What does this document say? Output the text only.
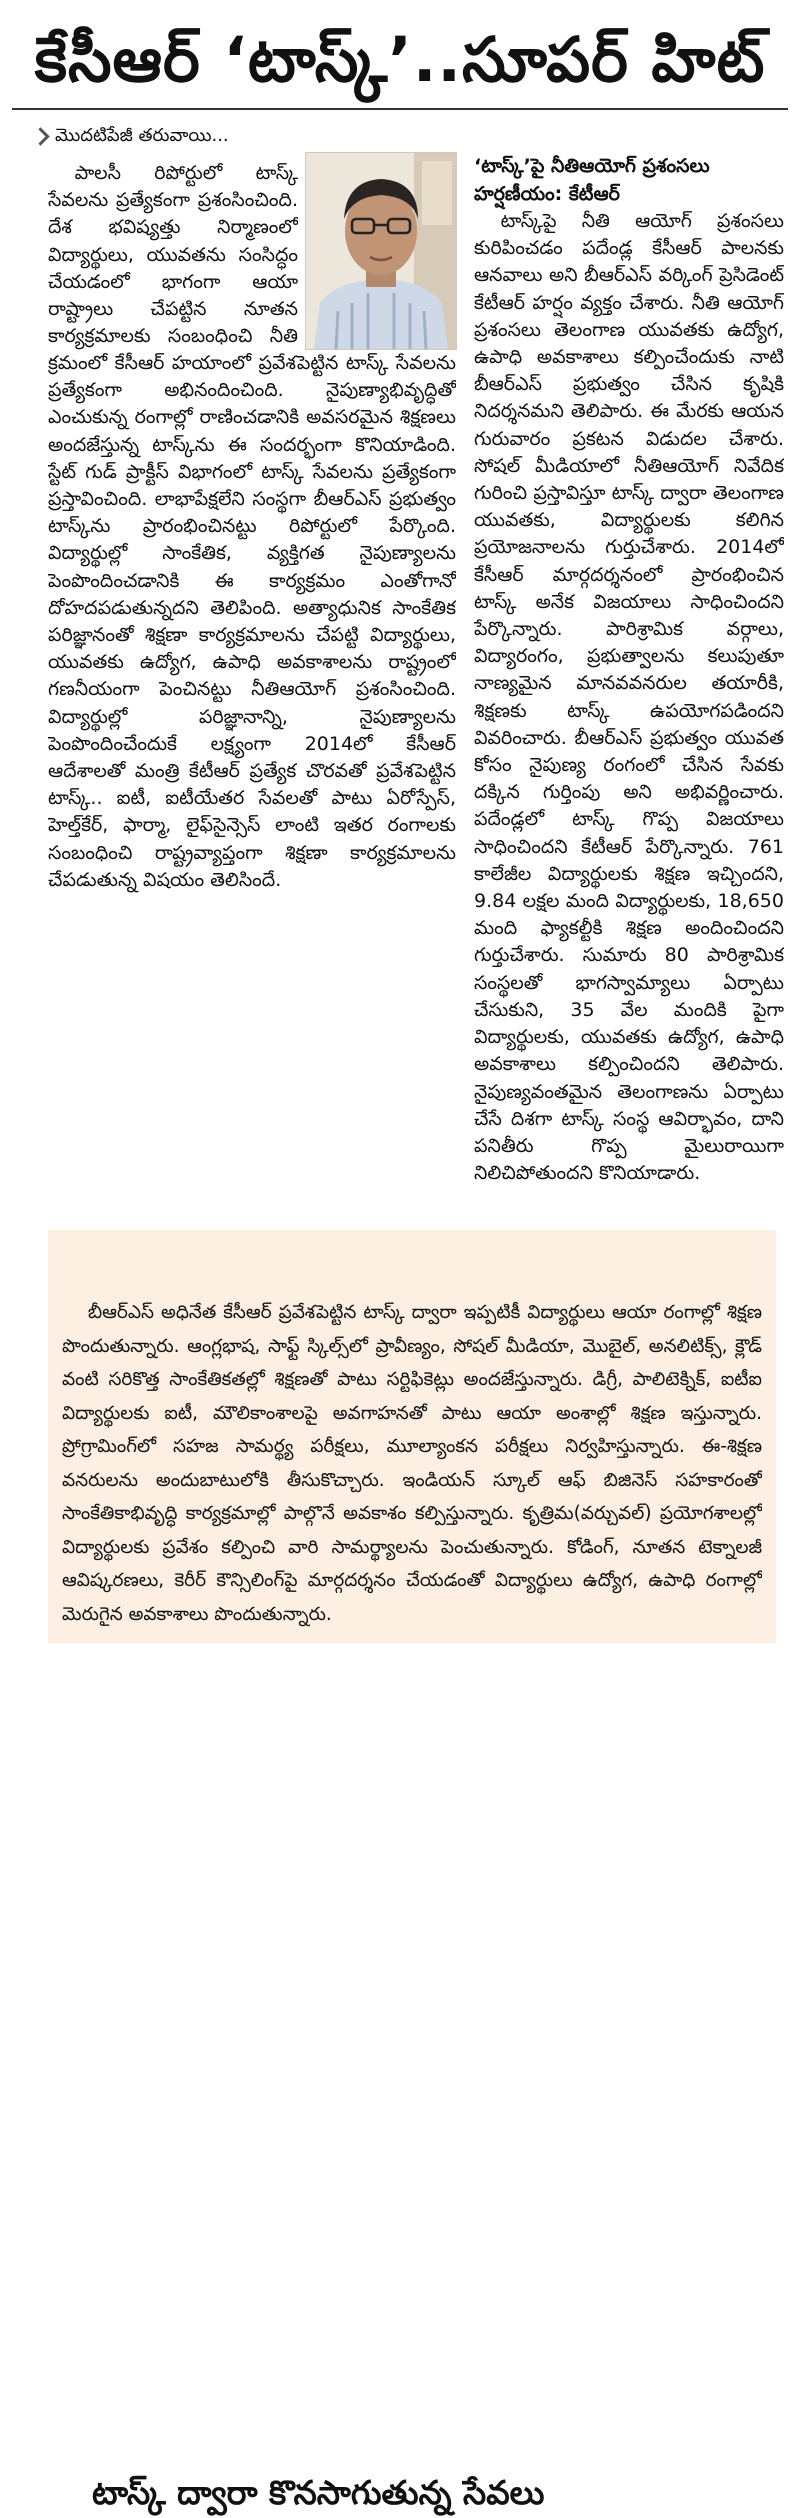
కేసీఆర్ ‘టాస్క్’..సూపర్ హిట్
మొదటిపేజీ తరువాయి...

పాలసీ రిపోర్టులో టాస్క్ సేవలను ప్రత్యేకంగా ప్రశంసించింది. దేశ భవిష్యత్తు నిర్మాణంలో విద్యార్థులు, యువతను సంసిద్ధం చేయడంలో భాగంగా ఆయా రాష్ట్రాలు చేపట్టిన నూతన కార్యక్రమాలకు సంబంధించి నీతి

క్రమంలో కేసీఆర్ హయాంలో ప్రవేశపెట్టిన టాస్క్ సేవలను ప్రత్యేకంగా అభినందించింది. నైపుణ్యాభివృద్ధితో ఎంచుకున్న రంగాల్లో రాణించడానికి అవసరమైన శిక్షణలు అందజేస్తున్న టాస్క్‌ను ఈ సందర్భంగా కొనియాడింది. స్టేట్ గుడ్ ప్రాక్టీస్ విభాగంలో టాస్క్ సేవలను ప్రత్యేకంగా ప్రస్తావించింది. లాభాపేక్షలేని సంస్థగా బీఆర్‌ఎస్ ప్రభుత్వం టాస్క్‌ను ప్రారంభించినట్టు రిపోర్టులో పేర్కొంది. విద్యార్థుల్లో సాంకేతిక, వ్యక్తిగత నైపుణ్యాలను పెంపొందించడానికి ఈ కార్యక్రమం ఎంతోగానో దోహదపడుతున్నదని తెలిపింది. అత్యాధునిక సాంకేతిక పరిజ్ఞానంతో శిక్షణా కార్యక్రమాలను చేపట్టి విద్యార్థులు, యువతకు ఉద్యోగ, ఉపాధి అవకాశాలను రాష్ట్రంలో గణనీయంగా పెంచినట్టు నీతిఆయోగ్ ప్రశంసించింది. విద్యార్థుల్లో పరిజ్ఞానాన్ని, నైపుణ్యాలను పెంపొందించేందుకే లక్ష్యంగా 2014లో కేసీఆర్ ఆదేశాలతో మంత్రి కేటీఆర్ ప్రత్యేక చొరవతో ప్రవేశపెట్టిన టాస్క్.. ఐటీ, ఐటీయేతర సేవలతో పాటు ఏరోస్పేస్, హెల్త్‌కేర్, ఫార్మా, లైఫ్‌సైన్సెస్ లాంటి ఇతర రంగాలకు సంబంధించి రాష్ట్రవ్యాప్తంగా శిక్షణా కార్యక్రమాలను చేపడుతున్న విషయం తెలిసిందే.

‘టాస్క్’పై నీతిఆయోగ్ ప్రశంసలు హర్షణీయం: కేటీఆర్

టాస్క్‌పై నీతి ఆయోగ్ ప్రశంసలు కురిపించడం పదేండ్ల కేసీఆర్ పాలనకు ఆనవాలు అని బీఆర్‌ఎస్ వర్కింగ్ ప్రెసిడెంట్ కేటీఆర్ హర్షం వ్యక్తం చేశారు. నీతి ఆయోగ్ ప్రశంసలు తెలంగాణ యువతకు ఉద్యోగ, ఉపాధి అవకాశాలు కల్పించేందుకు నాటి బీఆర్‌ఎస్ ప్రభుత్వం చేసిన కృషికి నిదర్శనమని తెలిపారు. ఈ మేరకు ఆయన గురువారం ప్రకటన విడుదల చేశారు. సోషల్ మీడియాలో నీతిఆయోగ్ నివేదిక గురించి ప్రస్తావిస్తూ టాస్క్ ద్వారా తెలంగాణ యువతకు, విద్యార్థులకు కలిగిన ప్రయోజనాలను గుర్తుచేశారు. 2014లో కేసీఆర్ మార్గదర్శనంలో ప్రారంభించిన టాస్క్ అనేక విజయాలు సాధించిందని పేర్కొన్నారు. పారిశ్రామిక వర్గాలు, విద్యారంగం, ప్రభుత్వాలను కలుపుతూ నాణ్యమైన మానవవనరుల తయారీకి, శిక్షణకు టాస్క్ ఉపయోగపడిందని వివరించారు. బీఆర్‌ఎస్ ప్రభుత్వం యువత కోసం నైపుణ్య రంగంలో చేసిన సేవకు దక్కిన గుర్తింపు అని అభివర్ణించారు. పదేండ్లలో టాస్క్ గొప్ప విజయాలు సాధించిందని కేటీఆర్ పేర్కొన్నారు. 761 కాలేజీల విద్యార్థులకు శిక్షణ ఇచ్చిందని, 9.84 లక్షల మంది విద్యార్థులకు, 18,650 మంది ఫ్యాకల్టీకి శిక్షణ అందించిందని గుర్తుచేశారు. సుమారు 80 పారిశ్రామిక సంస్థలతో భాగస్వామ్యాలు ఏర్పాటు చేసుకుని, 35 వేల మందికి పైగా విద్యార్థులకు, యువతకు ఉద్యోగ, ఉపాధి అవకాశాలు కల్పించిందని తెలిపారు. నైపుణ్యవంతమైన తెలంగాణను ఏర్పాటు చేసే దిశగా టాస్క్ సంస్థ ఆవిర్భావం, దాని పనితీరు గొప్ప మైలురాయిగా నిలిచిపోతుందని కొనియాడారు.

టాస్క్ ద్వారా కొనసాగుతున్న సేవలు

బీఆర్‌ఎస్ అధినేత కేసీఆర్ ప్రవేశపెట్టిన టాస్క్ ద్వారా ఇప్పటికీ విద్యార్థులు ఆయా రంగాల్లో శిక్షణ పొందుతున్నారు. ఆంగ్లభాష, సాఫ్ట్ స్కిల్స్‌లో ప్రావీణ్యం, సోషల్ మీడియా, మొబైల్, అనలిటిక్స్, క్లౌడ్ వంటి సరికొత్త సాంకేతికతల్లో శిక్షణతో పాటు సర్టిఫికెట్లు అందజేస్తున్నారు. డిగ్రీ, పాలిటెక్నిక్, ఐటీఐ విద్యార్థులకు ఐటీ, మౌలికాంశాలపై అవగాహనతో పాటు ఆయా అంశాల్లో శిక్షణ ఇస్తున్నారు. ప్రోగ్రామింగ్‌లో సహజ సామర్థ్య పరీక్షలు, మూల్యాంకన పరీక్షలు నిర్వహిస్తున్నారు. ఈ-శిక్షణ వనరులను అందుబాటులోకి తీసుకొచ్చారు. ఇండియన్ స్కూల్ ఆఫ్ బిజినెస్ సహకారంతో సాంకేతికాభివృద్ధి కార్యక్రమాల్లో పాల్గొనే అవకాశం కల్పిస్తున్నారు. కృత్రిమ(వర్చువల్) ప్రయోగశాలల్లో విద్యార్థులకు ప్రవేశం కల్పించి వారి సామర్థ్యాలను పెంచుతున్నారు. కోడింగ్, నూతన టెక్నాలజీ ఆవిష్కరణలు, కెరీర్ కౌన్సిలింగ్‌పై మార్గదర్శనం చేయడంతో విద్యార్థులు ఉద్యోగ, ఉపాధి రంగాల్లో మెరుగైన అవకాశాలు పొందుతున్నారు.
